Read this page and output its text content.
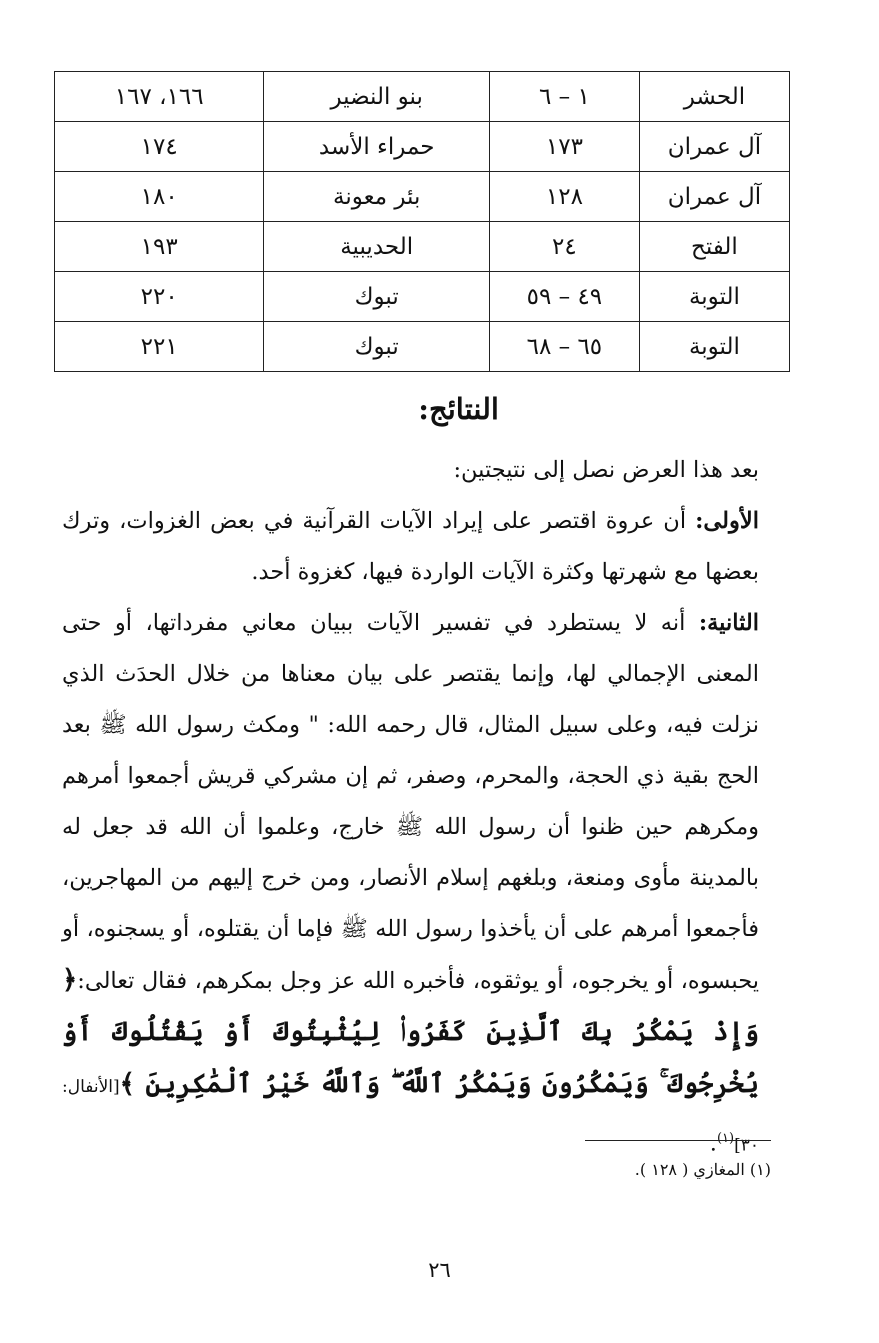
الحشر	١ – ٦	بنو النضير	١٦٦، ١٦٧
آل عمران	١٧٣	حمراء الأسد	١٧٤
آل عمران	١٢٨	بئر معونة	١٨٠
الفتح	٢٤	الحديبية	١٩٣
التوبة	٤٩ – ٥٩	تبوك	٢٢٠
التوبة	٦٥ – ٦٨	تبوك	٢٢١
النتائج:

بعد هذا العرض نصل إلى نتيجتين:

الأولى: أن عروة اقتصر على إيراد الآيات القرآنية في بعض الغزوات، وترك بعضها مع شهرتها وكثرة الآيات الواردة فيها، كغزوة أحد.

الثانية: أنه لا يستطرد في تفسير الآيات ببيان معاني مفرداتها، أو حتى المعنى الإجمالي لها، وإنما يقتصر على بيان معناها من خلال الحدَث الذي نزلت فيه، وعلى سبيل المثال، قال رحمه الله: " ومكث رسول الله ﷺ بعد الحج بقية ذي الحجة، والمحرم، وصفر، ثم إن مشركي قريش أجمعوا أمرهم ومكرهم حين ظنوا أن رسول الله ﷺ خارج، وعلموا أن الله قد جعل له بالمدينة مأوى ومنعة، وبلغهم إسلام الأنصار، ومن خرج إليهم من المهاجرين، فأجمعوا أمرهم على أن يأخذوا رسول الله ﷺ فإما أن يقتلوه، أو يسجنوه، أو يحبسوه، أو يخرجوه، أو يوثقوه، فأخبره الله عز وجل بمكرهم، فقال تعالى:﴿ وَإِذْ يَمْكُرُ بِكَ ٱلَّذِينَ كَفَرُوا۟ لِيُثْبِتُوكَ أَوْ يَقْتُلُوكَ أَوْ يُخْرِجُوكَ ۚ وَيَمْكُرُونَ وَيَمْكُرُ ٱللَّهُ ۖ وَٱللَّهُ خَيْرُ ٱلْمَٰكِرِينَ ﴾[الأنفال: ٣٠]$^{(١)}$.

(١) المغازي ( ١٢٨ ).

٢٦
